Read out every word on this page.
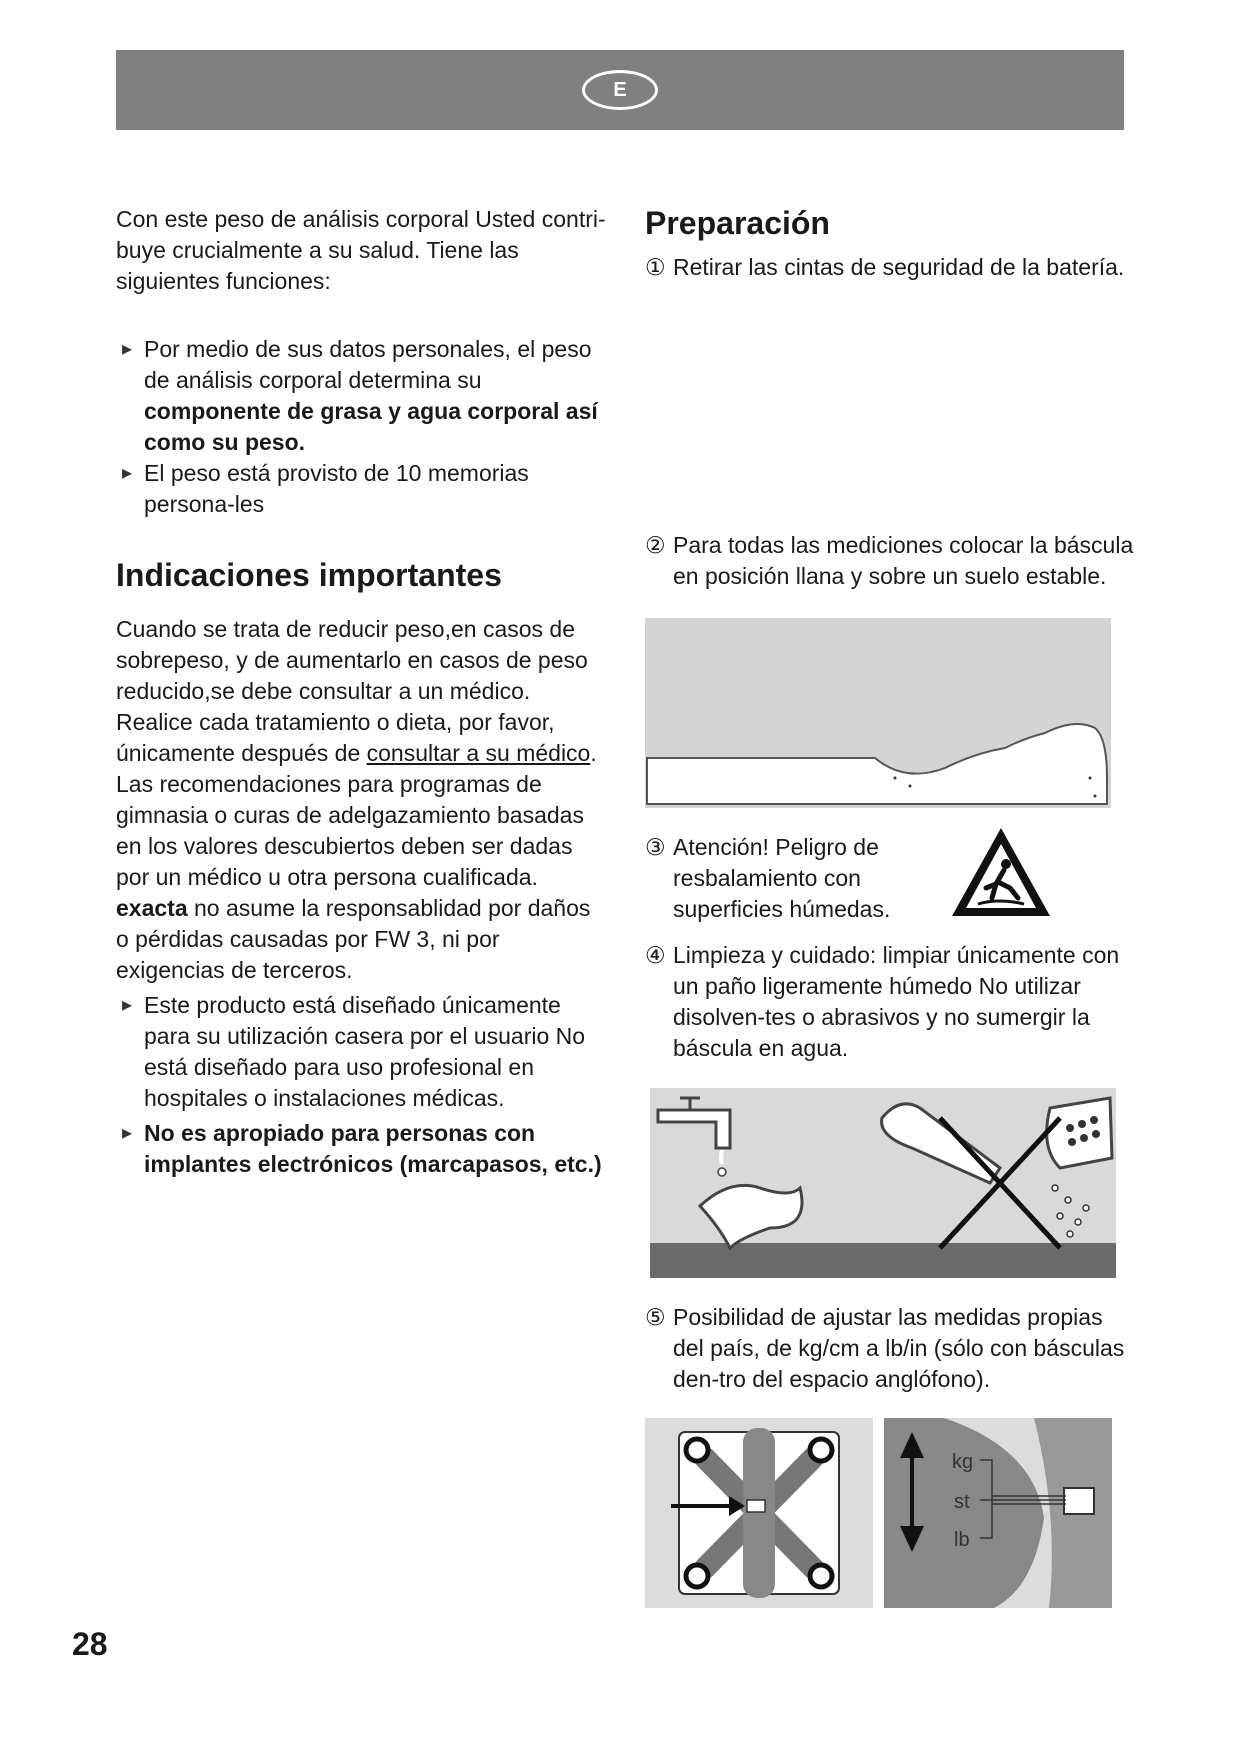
E

Con este peso de análisis corporal Usted contri-buye crucialmente a su salud. Tiene las siguientes funciones:

▸ Por medio de sus datos personales, el peso de análisis corporal determina su componente de grasa y agua corporal así como su peso.
▸ El peso está provisto de 10 memorias persona-les
Indicaciones importantes

Cuando se trata de reducir peso,en casos de sobrepeso, y de aumentarlo en casos de peso reducido,se debe consultar a un médico. Realice cada tratamiento o dieta, por favor, únicamente después de consultar a su médico.

Las recomendaciones para programas de gimnasia o curas de adelgazamiento basadas en los valores descubiertos deben ser dadas por un médico u otra persona cualificada.

exacta no asume la responsablidad por daños o pérdidas causadas por FW 3, ni por exigencias de terceros.

▸ Este producto está diseñado únicamente para su utilización casera por el usuario No está diseñado para uso profesional en hospitales o instalaciones médicas.
▸ No es apropiado para personas con implantes electrónicos (marcapasos, etc.)
Preparación
① Retirar las cintas de seguridad de la batería.
② Para todas las mediciones colocar la báscula en posición llana y sobre un suelo estable.
③ Atención! Peligro de resbalamiento con superficies húmedas.
④ Limpieza y cuidado: limpiar únicamente con un paño ligeramente húmedo No utilizar disolven-tes o abrasivos y no sumergir la báscula en agua.
⑤ Posibilidad de ajustar las medidas propias del país, de kg/cm a lb/in (sólo con básculas den-tro del espacio anglófono).
kg
st
lb
28
